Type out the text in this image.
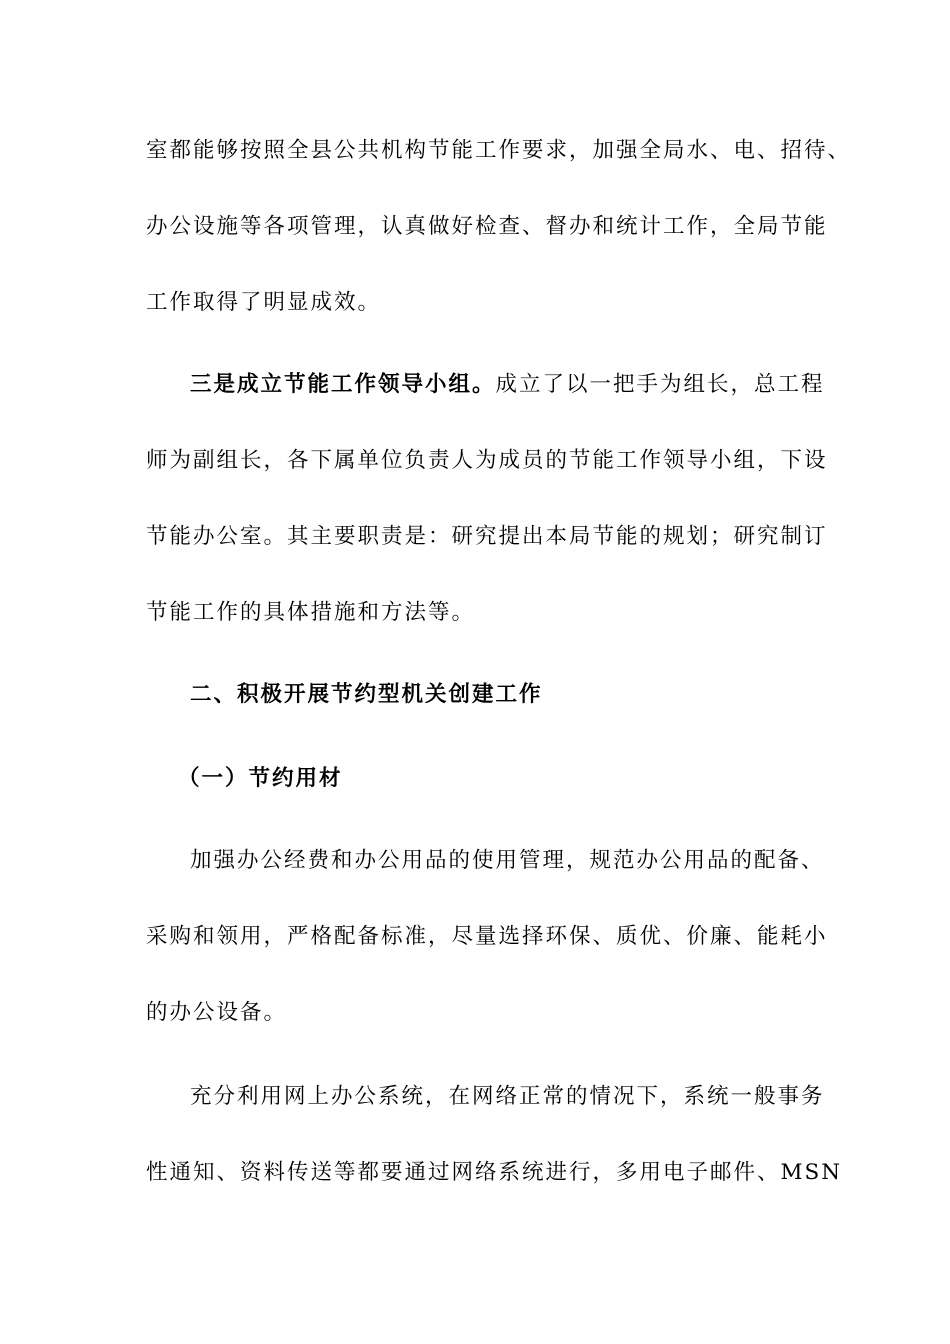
室都能够按照全县公共机构节能工作要求，加强全局水、电、招待、
办公设施等各项管理，认真做好检查、督办和统计工作，全局节能
工作取得了明显成效。
三是成立节能工作领导小组。成立了以一把手为组长，总工程
师为副组长，各下属单位负责人为成员的节能工作领导小组，下设
节能办公室。其主要职责是：研究提出本局节能的规划；研究制订
节能工作的具体措施和方法等。
二、积极开展节约型机关创建工作
（一）节约用材
加强办公经费和办公用品的使用管理，规范办公用品的配备、
采购和领用，严格配备标准，尽量选择环保、质优、价廉、能耗小
的办公设备。
充分利用网上办公系统，在网络正常的情况下，系统一般事务
性通知、资料传送等都要通过网络系统进行，多用电子邮件、MSN
